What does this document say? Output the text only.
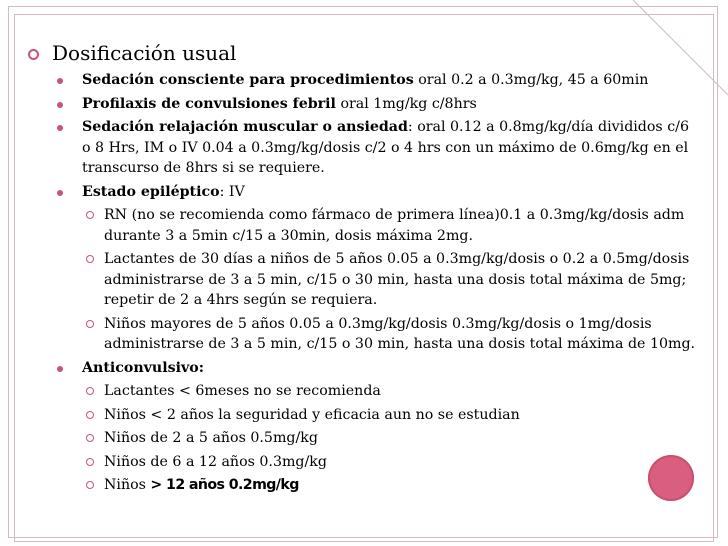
Dosificación usual
Sedación consciente para procedimientos oral 0.2 a 0.3mg/kg, 45 a 60min
Profilaxis de convulsiones febril oral 1mg/kg c/8hrs
Sedación relajación muscular o ansiedad: oral 0.12 a 0.8mg/kg/día divididos c/6 o 8 Hrs, IM o IV 0.04 a 0.3mg/kg/dosis c/2 o 4 hrs con un máximo de 0.6mg/kg en el transcurso de 8hrs si se requiere.
Estado epiléptico: IV
RN (no se recomienda como fármaco de primera línea)0.1 a 0.3mg/kg/dosis adm durante 3 a 5min c/15 a 30min, dosis máxima 2mg.
Lactantes de 30 días a niños de 5 años 0.05 a 0.3mg/kg/dosis o 0.2 a 0.5mg/dosis administrarse de 3 a 5 min, c/15 o 30 min, hasta una dosis total máxima de 5mg; repetir de 2 a 4hrs según se requiera.
Niños mayores de 5 años 0.05 a 0.3mg/kg/dosis 0.3mg/kg/dosis o 1mg/dosis administrarse de 3 a 5 min, c/15 o 30 min, hasta una dosis total máxima de 10mg.
Anticonvulsivo:
Lactantes < 6meses no se recomienda
Niños < 2 años la seguridad y eficacia aun no se estudian
Niños de 2 a 5 años 0.5mg/kg
Niños de 6 a 12 años 0.3mg/kg
Niños > 12 años 0.2mg/kg
